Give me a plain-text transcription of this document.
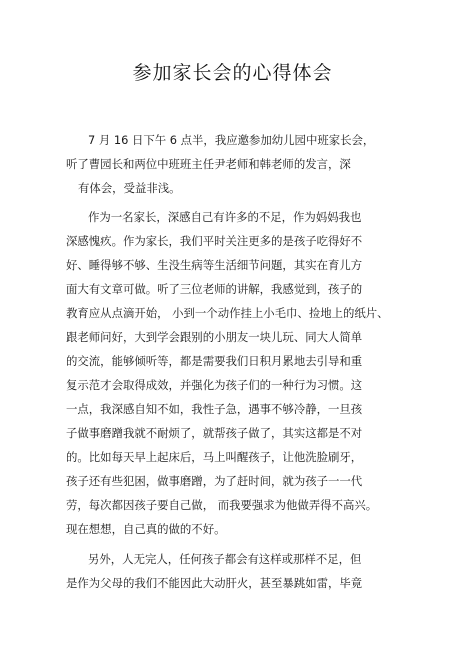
参加家长会的心得体会
7 月 16 日下午 6 点半，我应邀参加幼儿园中班家长会，
听了曹园长和两位中班班主任尹老师和韩老师的发言，深
有体会，受益非浅。
作为一名家长，深感自己有许多的不足，作为妈妈我也
深感愧疚。作为家长，我们平时关注更多的是孩子吃得好不
好、睡得够不够、生没生病等生活细节问题，其实在育儿方
面大有文章可做。听了三位老师的讲解，我感觉到，孩子的
教育应从点滴开始， 小到一个动作挂上小毛巾、捡地上的纸片、
跟老师问好，大到学会跟别的小朋友一块儿玩、同大人简单
的交流，能够倾听等，都是需要我们日积月累地去引导和重
复示范才会取得成效，并强化为孩子们的一种行为习惯。这
一点，我深感自知不如，我性子急，遇事不够冷静，一旦孩
子做事磨蹭我就不耐烦了，就帮孩子做了，其实这都是不对
的。比如每天早上起床后，马上叫醒孩子，让他洗脸刷牙，
孩子还有些犯困，做事磨蹭，为了赶时间，就为孩子一一代
劳，每次都因孩子要自己做， 而我要强求为他做弄得不高兴。
现在想想，自己真的做的不好。
另外，人无完人，任何孩子都会有这样或那样不足，但
是作为父母的我们不能因此大动肝火，甚至暴跳如雷，毕竟
